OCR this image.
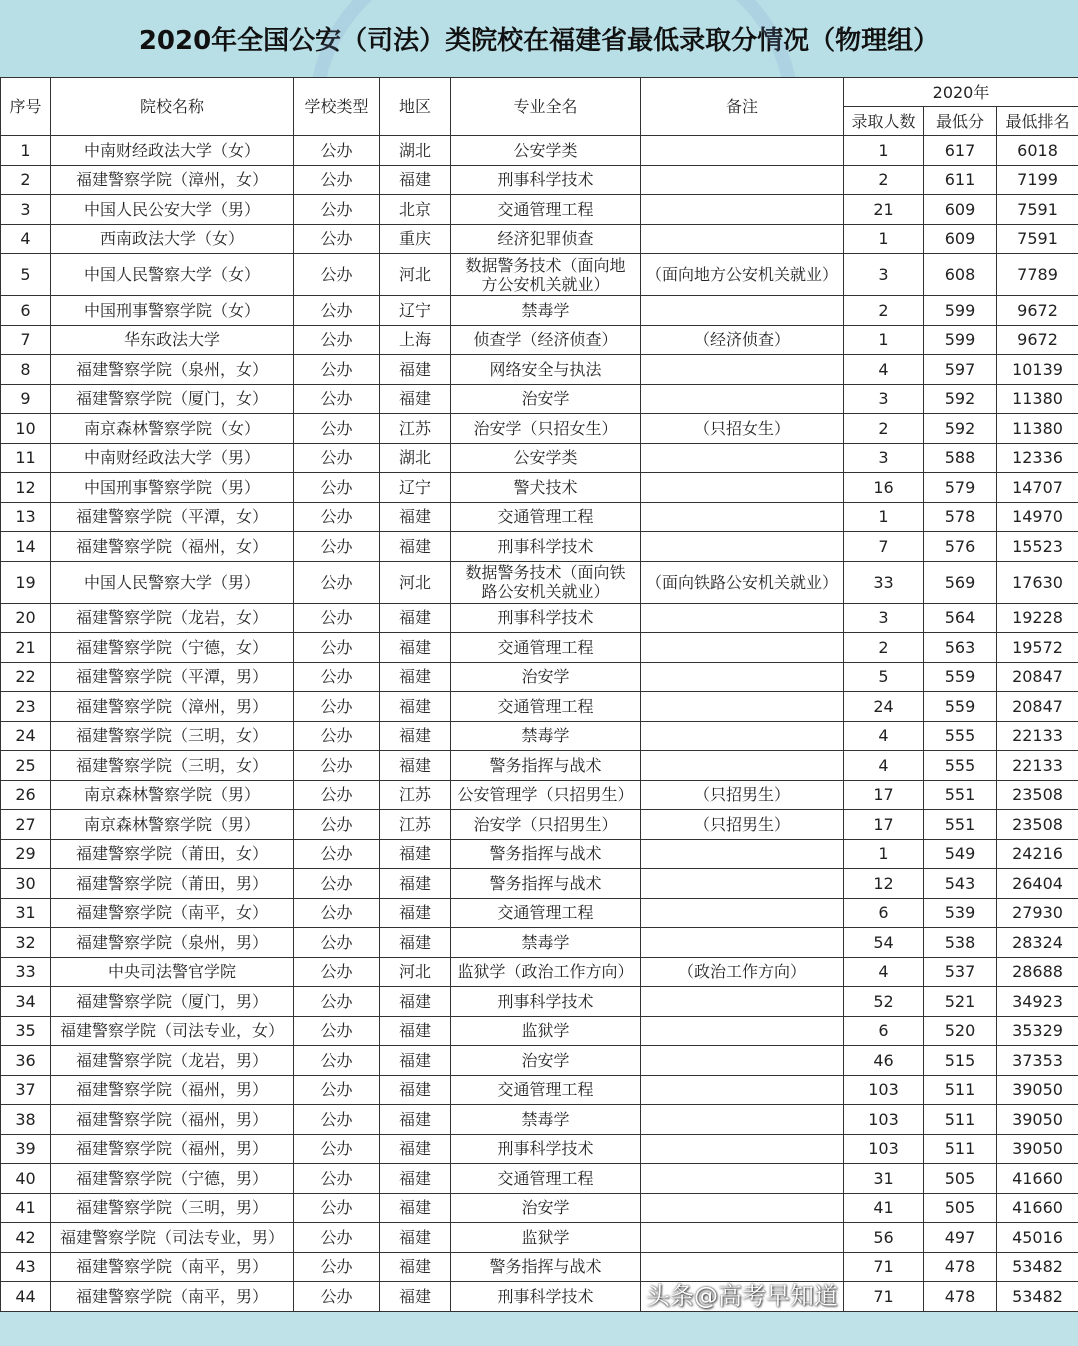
2020年全国公安（司法）类院校在福建省最低录取分情况（物理组）
序号	院校名称	学校类型	地区	专业全名	备注	2020年		
						录取人数	最低分	最低排名
1	中南财经政法大学（女）	公办	湖北	公安学类		1	617	6018
2	福建警察学院（漳州，女）	公办	福建	刑事科学技术		2	611	7199
3	中国人民公安大学（男）	公办	北京	交通管理工程		21	609	7591
4	西南政法大学（女）	公办	重庆	经济犯罪侦查		1	609	7591
5	中国人民警察大学（女）	公办	河北	数据警务技术（面向地方公安机关就业）	（面向地方公安机关就业）	3	608	7789
6	中国刑事警察学院（女）	公办	辽宁	禁毒学		2	599	9672
7	华东政法大学	公办	上海	侦查学（经济侦查）	（经济侦查）	1	599	9672
8	福建警察学院（泉州，女）	公办	福建	网络安全与执法		4	597	10139
9	福建警察学院（厦门，女）	公办	福建	治安学		3	592	11380
10	南京森林警察学院（女）	公办	江苏	治安学（只招女生）	（只招女生）	2	592	11380
11	中南财经政法大学（男）	公办	湖北	公安学类		3	588	12336
12	中国刑事警察学院（男）	公办	辽宁	警犬技术		16	579	14707
13	福建警察学院（平潭，女）	公办	福建	交通管理工程		1	578	14970
14	福建警察学院（福州，女）	公办	福建	刑事科学技术		7	576	15523
19	中国人民警察大学（男）	公办	河北	数据警务技术（面向铁路公安机关就业）	（面向铁路公安机关就业）	33	569	17630
20	福建警察学院（龙岩，女）	公办	福建	刑事科学技术		3	564	19228
21	福建警察学院（宁德，女）	公办	福建	交通管理工程		2	563	19572
22	福建警察学院（平潭，男）	公办	福建	治安学		5	559	20847
23	福建警察学院（漳州，男）	公办	福建	交通管理工程		24	559	20847
24	福建警察学院（三明，女）	公办	福建	禁毒学		4	555	22133
25	福建警察学院（三明，女）	公办	福建	警务指挥与战术		4	555	22133
26	南京森林警察学院（男）	公办	江苏	公安管理学（只招男生）	（只招男生）	17	551	23508
27	南京森林警察学院（男）	公办	江苏	治安学（只招男生）	（只招男生）	17	551	23508
29	福建警察学院（莆田，女）	公办	福建	警务指挥与战术		1	549	24216
30	福建警察学院（莆田，男）	公办	福建	警务指挥与战术		12	543	26404
31	福建警察学院（南平，女）	公办	福建	交通管理工程		6	539	27930
32	福建警察学院（泉州，男）	公办	福建	禁毒学		54	538	28324
33	中央司法警官学院	公办	河北	监狱学（政治工作方向）	（政治工作方向）	4	537	28688
34	福建警察学院（厦门，男）	公办	福建	刑事科学技术		52	521	34923
35	福建警察学院（司法专业，女）	公办	福建	监狱学		6	520	35329
36	福建警察学院（龙岩，男）	公办	福建	治安学		46	515	37353
37	福建警察学院（福州，男）	公办	福建	交通管理工程		103	511	39050
38	福建警察学院（福州，男）	公办	福建	禁毒学		103	511	39050
39	福建警察学院（福州，男）	公办	福建	刑事科学技术		103	511	39050
40	福建警察学院（宁德，男）	公办	福建	交通管理工程		31	505	41660
41	福建警察学院（三明，男）	公办	福建	治安学		41	505	41660
42	福建警察学院（司法专业，男）	公办	福建	监狱学		56	497	45016
43	福建警察学院（南平，男）	公办	福建	警务指挥与战术		71	478	53482
44	福建警察学院（南平，男）	公办	福建	刑事科学技术		71	478	53482
头条@高考早知道
